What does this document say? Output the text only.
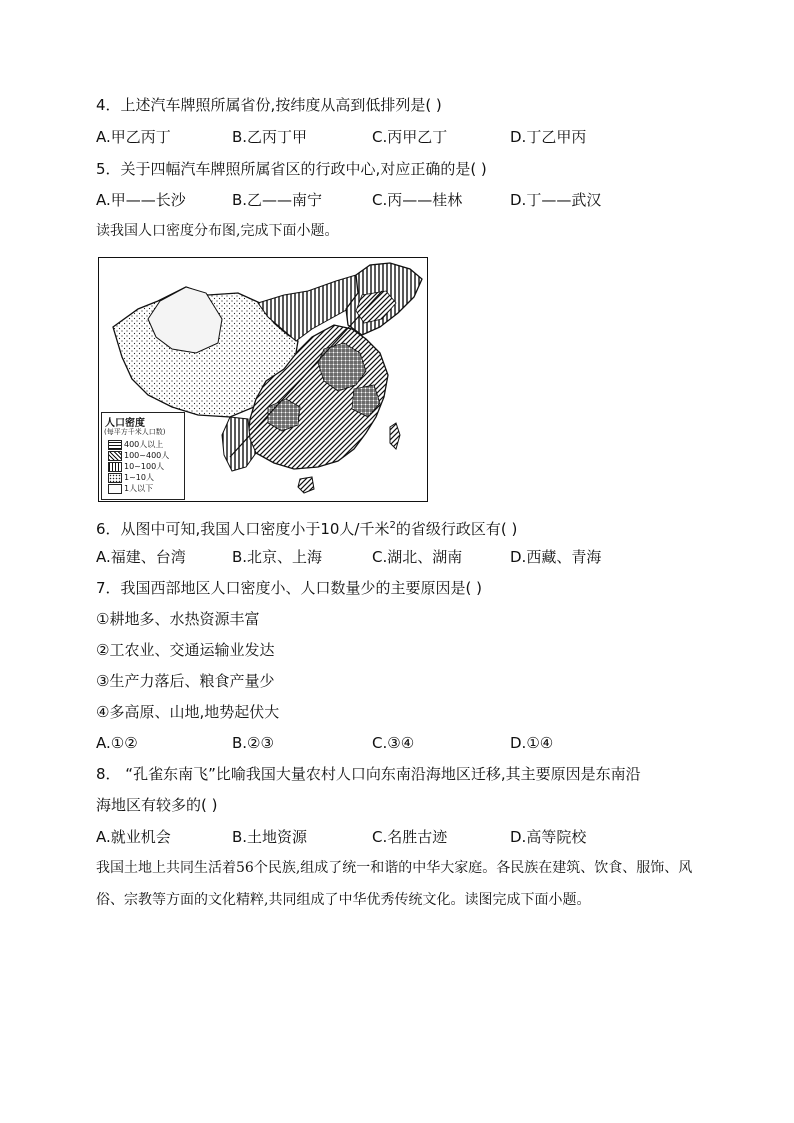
4．上述汽车牌照所属省份,按纬度从高到低排列是( )
A.甲乙丙丁	B.乙丙丁甲	C.丙甲乙丁	D.丁乙甲丙
5．关于四幅汽车牌照所属省区的行政中心,对应正确的是( )
A.甲——长沙	B.乙——南宁	C.丙——桂林	D.丁——武汉
读我国人口密度分布图,完成下面小题。
人口密度
(每平方千米人口数)
400人以上
100~400人
10~100人
1~10人
1人以下
6．从图中可知,我国人口密度小于10人/千米$^2$的省级行政区有( )
A.福建、台湾	B.北京、上海	C.湖北、湖南	D.西藏、青海
7．我国西部地区人口密度小、人口数量少的主要原因是( )
①耕地多、水热资源丰富
②工农业、交通运输业发达
③生产力落后、粮食产量少
④多高原、山地,地势起伏大
A.①②	B.②③	C.③④	D.①④
8． “孔雀东南飞”比喻我国大量农村人口向东南沿海地区迁移,其主要原因是东南沿
海地区有较多的( )
A.就业机会	B.土地资源	C.名胜古迹	D.高等院校
我国土地上共同生活着56个民族,组成了统一和谐的中华大家庭。各民族在建筑、饮食、服饰、风俗、宗教等方面的文化精粹,共同组成了中华优秀传统文化。读图完成下面小题。
